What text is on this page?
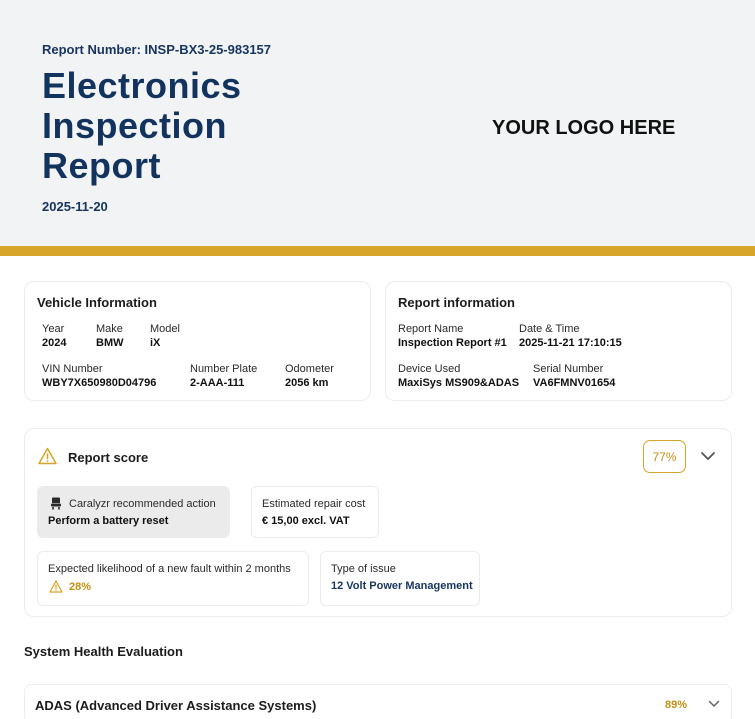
Report Number: INSP-BX3-25-983157
Electronics Inspection Report
2025-11-20
YOUR LOGO HERE
Vehicle Information
Year
2024
Make
BMW
Model
iX
VIN Number
WBY7X650980D04796
Number Plate
2-AAA-111
Odometer
2056 km
Report information
Report Name
Inspection Report #1
Date & Time
2025-11-21 17:10:15
Device Used
MaxiSys MS909&ADAS
Serial Number
VA6FMNV01654
Report score	77%
Caralyzr recommended action
Perform a battery reset
Estimated repair cost
€ 15,00 excl. VAT
Expected likelihood of a new fault within 2 months
28%
Type of issue
12 Volt Power Management
System Health Evaluation
ADAS (Advanced Driver Assistance Systems)	89%
